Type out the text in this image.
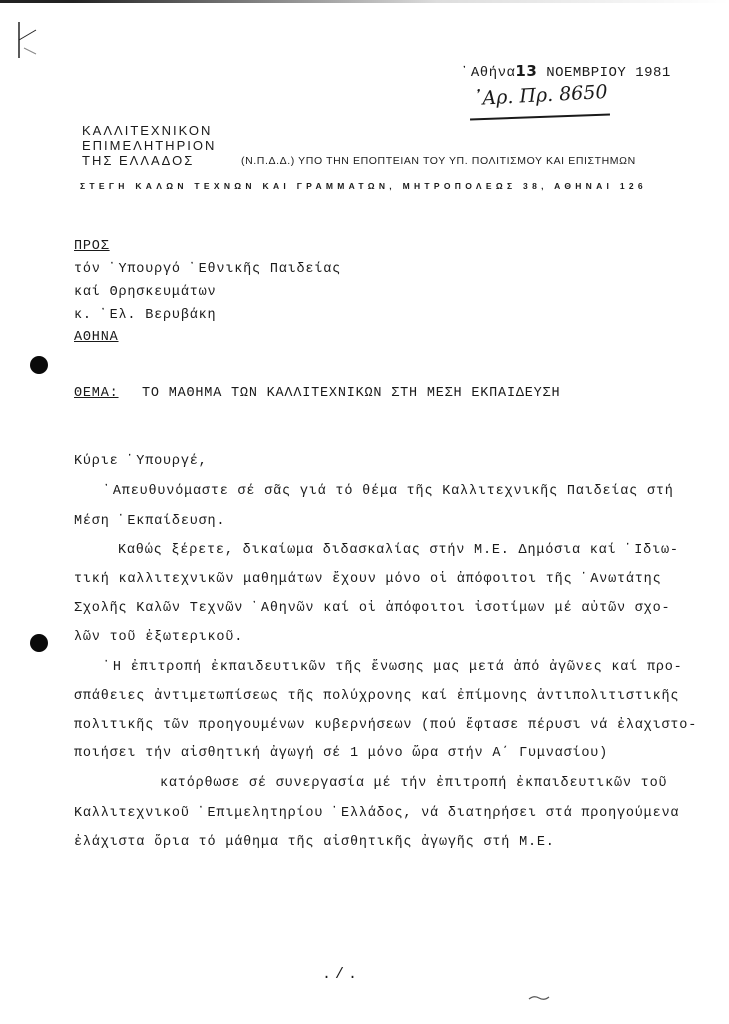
᾿Αθήνα13 ΝΟΕΜΒΡΙΟΥ 1981
᾿Αρ. Πρ. 8650
ΚΑΛΛΙΤΕΧΝΙΚΟΝ
ΕΠΙΜΕΛΗΤΗΡΙΟΝ
ΤΗΣ ΕΛΛΑΔΟΣ	(Ν.Π.Δ.Δ.) ΥΠΟ ΤΗΝ ΕΠΟΠΤΕΙΑΝ ΤΟΥ ΥΠ. ΠΟΛΙΤΙΣΜΟΥ ΚΑΙ ΕΠΙΣΤΗΜΩΝ
ΣΤΕΓΗ ΚΑΛΩΝ ΤΕΧΝΩΝ ΚΑΙ ΓΡΑΜΜΑΤΩΝ, ΜΗΤΡΟΠΟΛΕΩΣ 38, ΑΘΗΝΑΙ 126
ΠΡΟΣ
τόν ᾿Υπουργό ᾿Εθνικῆς Παιδείας
καί Θρησκευμάτων
κ. ᾿Ελ. Βερυβάκη
ΑΘΗΝΑ
ΘΕΜΑ: ΤΟ ΜΑΘΗΜΑ ΤΩΝ ΚΑΛΛΙΤΕΧΝΙΚΩΝ ΣΤΗ ΜΕΣΗ ΕΚΠΑΙΔΕΥΣΗ
Κύριε ᾿Υπουργέ,
᾿Απευθυνόμαστε σέ σᾶς γιά τό θέμα τῆς Καλλιτεχνικῆς Παιδείας στή
Μέση ᾿Εκπαίδευση.
Καθώς ξέρετε, δικαίωμα διδασκαλίας στήν Μ.Ε. Δημόσια καί ᾿Ιδιω-
τική καλλιτεχνικῶν μαθημάτων ἔχουν μόνο οἱ ἀπόφοιτοι τῆς ᾿Ανωτάτης
Σχολῆς Καλῶν Τεχνῶν ᾿Αθηνῶν καί οἱ ἀπόφοιτοι ἰσοτίμων μέ αὐτῶν σχο-
λῶν τοῦ ἐξωτερικοῦ.
῾Η ἐπιτροπή ἐκπαιδευτικῶν τῆς ἕνωσης μας μετά ἀπό ἀγῶνες καί προ-
σπάθειες ἀντιμετωπίσεως τῆς πολύχρονης καί ἐπίμονης ἀντιπολιτιστικῆς
πολιτικῆς τῶν προηγουμένων κυβερνήσεων (πού ἔφτασε πέρυσι νά ἐλαχιστο-
ποιήσει τήν αἰσθητική ἀγωγή σέ 1 μόνο ὥρα στήν Α΄ Γυμνασίου)
κατόρθωσε σέ συνεργασία μέ τήν ἐπιτροπή ἐκπαιδευτικῶν τοῦ
Καλλιτεχνικοῦ ᾿Επιμελητηρίου ῾Ελλάδος, νά διατηρήσει στά προηγούμενα
ἐλάχιστα ὅρια τό μάθημα τῆς αἰσθητικῆς ἀγωγῆς στή Μ.Ε.
./.
